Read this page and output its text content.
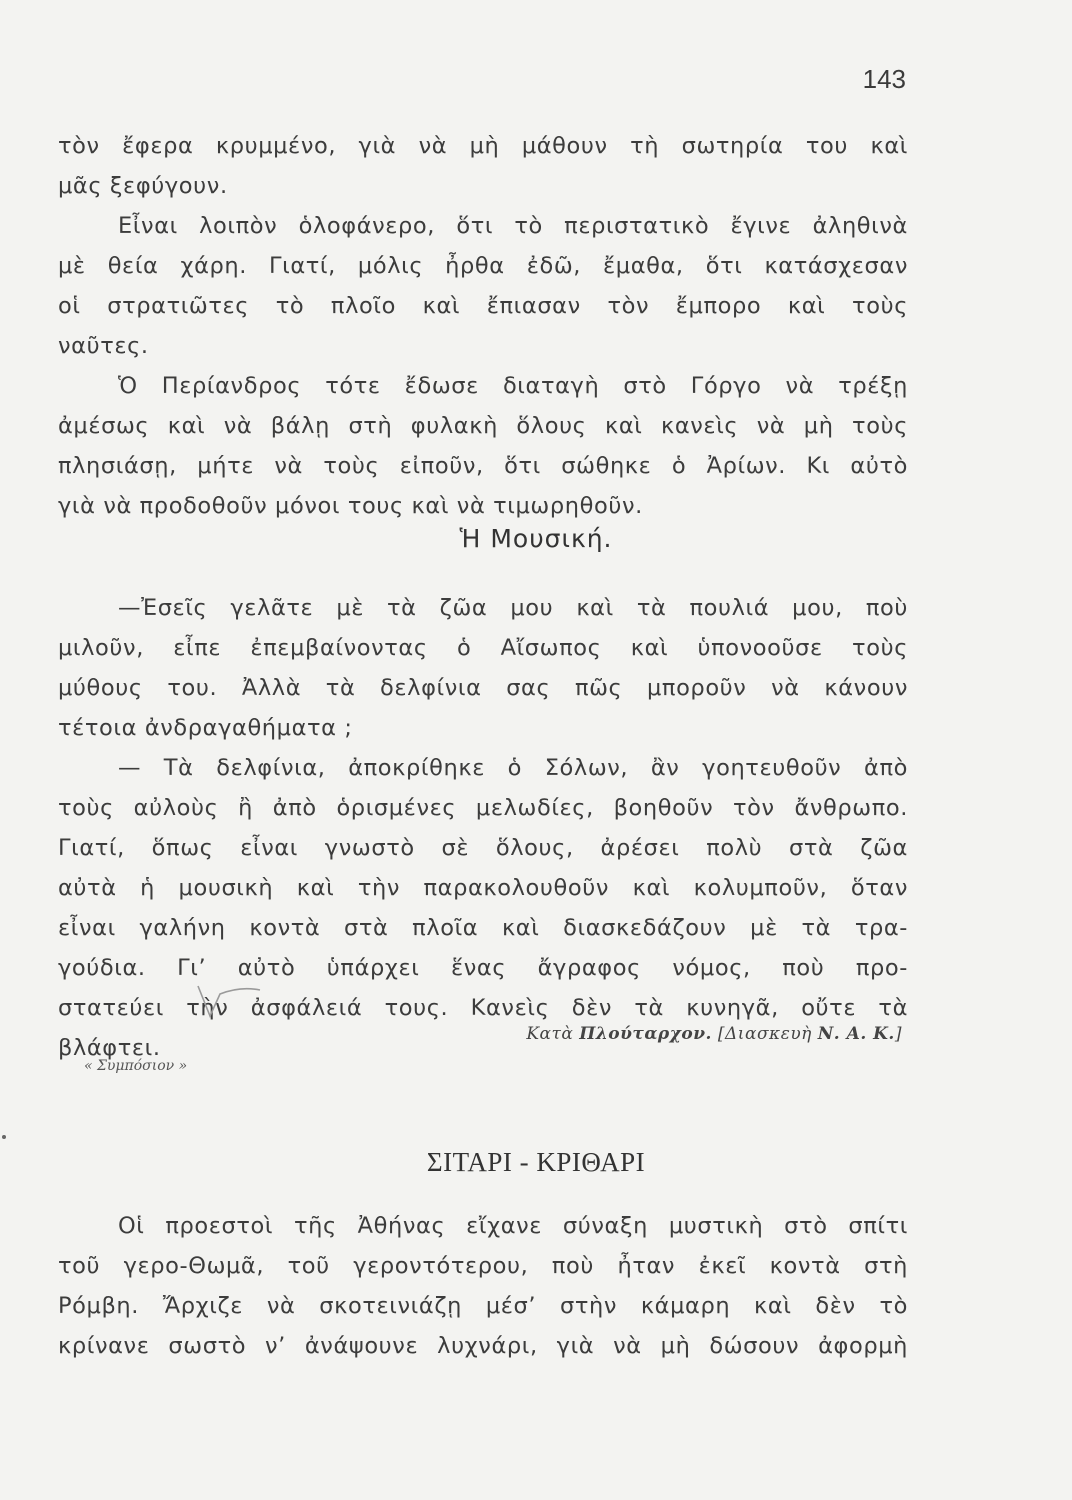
143
τὸν ἔφερα κρυμμένο, γιὰ νὰ μὴ μάθουν τὴ σωτηρία του καὶ
μᾶς ξεφύγουν.
Εἶναι λοιπὸν ὁλοφάνερο, ὅτι τὸ περιστατικὸ ἔγινε ἀληθινὰ
μὲ θεία χάρη. Γιατί, μόλις ἦρθα ἐδῶ, ἔμαθα, ὅτι κατάσχεσαν
οἱ στρατιῶτες τὸ πλοῖο καὶ ἔπιασαν τὸν ἔμπορο καὶ τοὺς
ναῦτες.
Ὁ Περίανδρος τότε ἔδωσε διαταγὴ στὸ Γόργο νὰ τρέξῃ
ἀμέσως καὶ νὰ βάλῃ στὴ φυλακὴ ὅλους καὶ κανεὶς νὰ μὴ τοὺς
πλησιάσῃ, μήτε νὰ τοὺς εἰποῦν, ὅτι σώθηκε ὁ Ἀρίων. Κι αὐτὸ
γιὰ νὰ προδοθοῦν μόνοι τους καὶ νὰ τιμωρηθοῦν.
Ἡ Μουσική.
—Ἐσεῖς γελᾶτε μὲ τὰ ζῶα μου καὶ τὰ πουλιά μου, ποὺ
μιλοῦν, εἶπε ἐπεμβαίνοντας ὁ Αἴσωπος καὶ ὑπονοοῦσε τοὺς
μύθους του. Ἀλλὰ τὰ δελφίνια σας πῶς μποροῦν νὰ κάνουν
τέτοια ἀνδραγαθήματα ;
— Τὰ δελφίνια, ἀποκρίθηκε ὁ Σόλων, ἂν γοητευθοῦν ἀπὸ
τοὺς αὐλοὺς ἢ ἀπὸ ὁρισμένες μελωδίες, βοηθοῦν τὸν ἄνθρωπο.
Γιατί, ὅπως εἶναι γνωστὸ σὲ ὅλους, ἀρέσει πολὺ στὰ ζῶα
αὐτὰ ἡ μουσικὴ καὶ τὴν παρακολουθοῦν καὶ κολυμποῦν, ὅταν
εἶναι γαλήνη κοντὰ στὰ πλοῖα καὶ διασκεδάζουν μὲ τὰ τρα-
γούδια. Γι’ αὐτὸ ὑπάρχει ἕνας ἄγραφος νόμος, ποὺ προ-
στατεύει τὴν ἀσφάλειά τους. Κανεὶς δὲν τὰ κυνηγᾶ, οὔτε τὰ
βλάφτει.
Κατὰ Πλούταρχον. [Διασκευὴ Ν. Α. Κ.]
« Συμπόσιον »
ΣΙΤΑΡΙ - ΚΡΙΘΑΡΙ
Οἱ προεστοὶ τῆς Ἀθήνας εἴχανε σύναξη μυστικὴ στὸ σπίτι
τοῦ γερο-Θωμᾶ, τοῦ γεροντότερου, ποὺ ἦταν ἐκεῖ κοντὰ στὴ
Ρόμβη. Ἄρχιζε νὰ σκοτεινιάζῃ μέσ’ στὴν κάμαρη καὶ δὲν τὸ
κρίνανε σωστὸ ν’ ἀνάψουνε λυχνάρι, γιὰ νὰ μὴ δώσουν ἀφορμὴ
